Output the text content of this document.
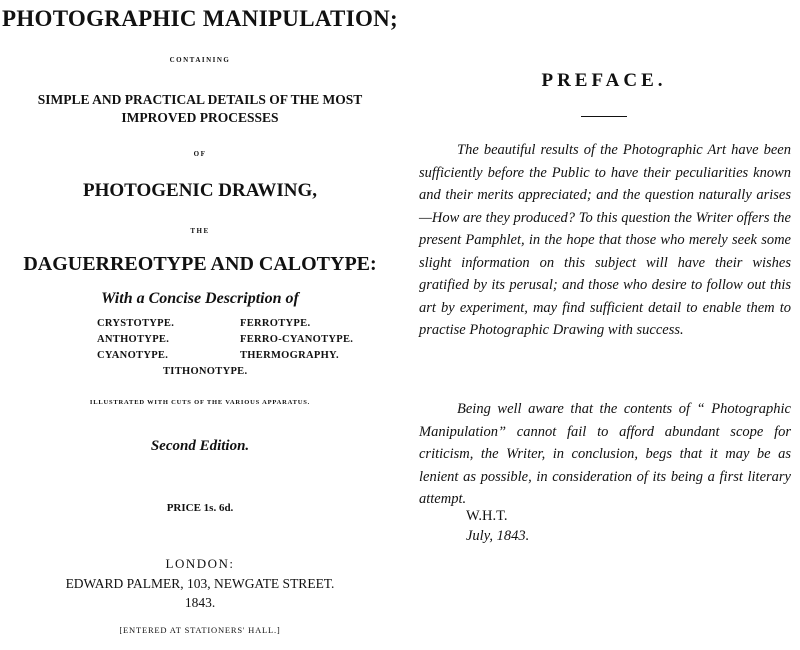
PHOTOGRAPHIC MANIPULATION;
CONTAINING
SIMPLE AND PRACTICAL DETAILS OF THE MOST
IMPROVED PROCESSES
OF
PHOTOGENIC DRAWING,
THE
DAGUERREOTYPE AND CALOTYPE:
With a Concise Description of
CRYSTOTYPE.	FERROTYPE.
ANTHOTYPE.	FERRO-CYANOTYPE.
CYANOTYPE.	THERMOGRAPHY.
TITHONOTYPE.
ILLUSTRATED WITH CUTS OF THE VARIOUS APPARATUS.
Second Edition.
PRICE 1s. 6d.
LONDON:
EDWARD PALMER, 103, NEWGATE STREET.
1843.
[ENTERED AT STATIONERS' HALL.]
PREFACE.

The beautiful results of the Photographic Art have been sufficiently before the Public to have their peculiarities known and their merits appreciated; and the question naturally arises—How are they produced? To this question the Writer offers the present Pamphlet, in the hope that those who merely seek some slight information on this subject will have their wishes gratified by its perusal; and those who desire to follow out this art by experiment, may find sufficient detail to enable them to practise Photographic Drawing with success.

Being well aware that the contents of “ Photographic Manipulation” cannot fail to afford abundant scope for criticism, the Writer, in conclusion, begs that it may be as lenient as possible, in consideration of its being a first literary attempt.

W.H.T.
July, 1843.
